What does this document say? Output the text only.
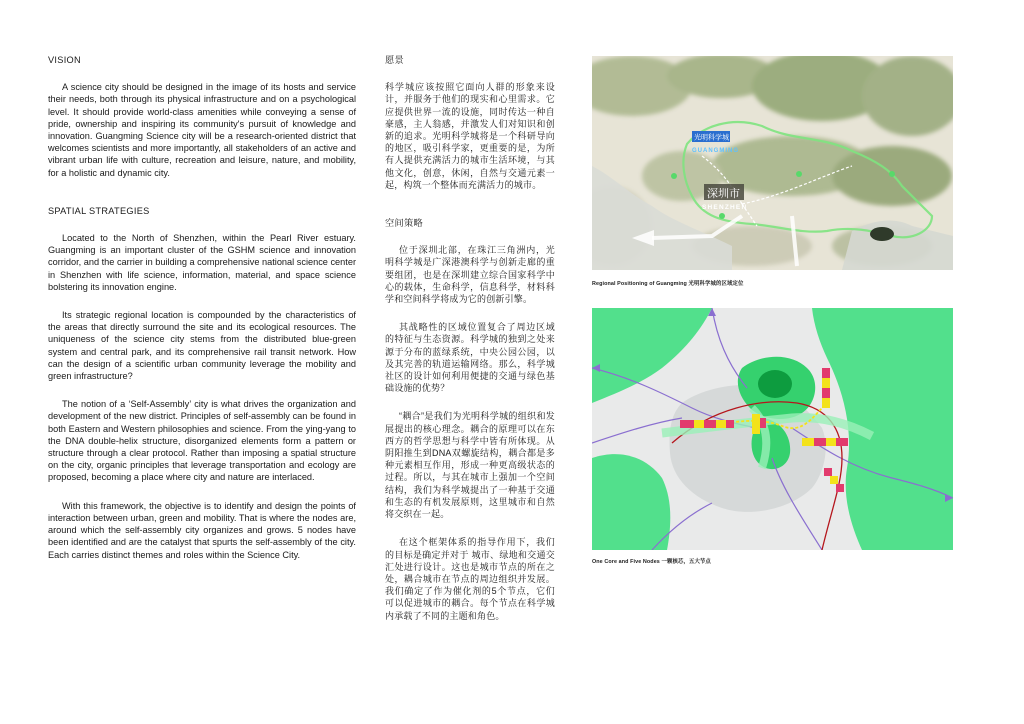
VISION
A science city should be designed in the image of its hosts and service their needs, both through its physical infrastructure and on a psychological level. It should provide world-class amenities while conveying a sense of pride, ownership and inspiring its community's pursuit of knowledge and innovation. Guangming Science city will be a research-oriented district that welcomes scientists and more importantly, all stakeholders of an active and vibrant urban life with culture, recreation and leisure, nature, and mobility, for a holistic and dynamic city.
SPATIAL STRATEGIES
Located to the North of Shenzhen, within the Pearl River estuary. Guangming is an important cluster of the GSHM science and innovation corridor, and the carrier in building a comprehensive national science center in Shenzhen with life science, information, material, and space science bolstering its innovation engine.
Its strategic regional location is compounded by the characteristics of the areas that directly surround the site and its ecological resources. The uniqueness of the science city stems from the distributed blue-green system and central park, and its comprehensive rail transit network. How can the design of a scientific urban community leverage the mobility and green infrastructure?
The notion of a ‘Self-Assembly’ city is what drives the organization and development of the new district. Principles of self-assembly can be found in both Eastern and Western philosophies and science. From the ying-yang to the DNA double-helix structure, disorganized elements form a pattern or structure through a clear protocol. Rather than imposing a spatial structure on the city, organic principles that leverage transportation and ecology are proposed, becoming a place where city and nature are interlaced.
With this framework, the objective is to identify and design the points of interaction between urban, green and mobility. That is where the nodes are, around which the self-assembly city organizes and grows. 5 nodes have been identified and are the catalyst that spurts the self-assembly of the city. Each carries distinct themes and roles within the Science City.
愿景
科学城应该按照它面向人群的形象来设计，并服务于他们的现实和心里需求。它应提供世界一流的设施，同时传达一种自豪感，主人翁感，并激发人们对知识和创新的追求。光明科学城将是一个科研导向的地区，吸引科学家，更重要的是，为所有人提供充满活力的城市生活环境，与其他文化，创意，休闲，自然与交通元素一起，构筑一个整体而充满活力的城市。
空间策略
位于深圳北部，在珠江三角洲内，光明科学城是广深港澳科学与创新走廊的重要组团，也是在深圳建立综合国家科学中心的载体，生命科学，信息科学，材料科学和空间科学将成为它的创新引擎。
其战略性的区域位置复合了周边区域的特征与生态资源。科学城的独到之处来源于分布的蓝绿系统，中央公园公园，以及其完善的轨道运输网络。那么，科学城社区的设计如何利用便捷的交通与绿色基础设施的优势？
“耦合”是我们为光明科学城的组织和发展提出的核心理念。耦合的原理可以在东西方的哲学思想与科学中皆有所体现。从阴阳推生到DNA双螺旋结构，耦合都是多种元素相互作用，形成一种更高级状态的过程。所以，与其在城市上强加一个空间结构，我们为科学城提出了一种基于交通和生态的有机发展原则，这里城市和自然将交织在一起。
在这个框架体系的指导作用下，我们的目标是确定并对于 城市、绿地和交通交汇处进行设计。这也是城市节点的所在之处，耦合城市在节点的周边组织并发展。我们确定了作为催化剂的5个节点，它们可以促进城市的耦合。每个节点在科学城内承载了不同的主题和角色。
光明科学城
GUANGMING
深圳市
SHENZHEN
Regional Positioning of Guangming 光明科学城的区域定位
One Core and Five Nodes 一颗核芯，五大节点
